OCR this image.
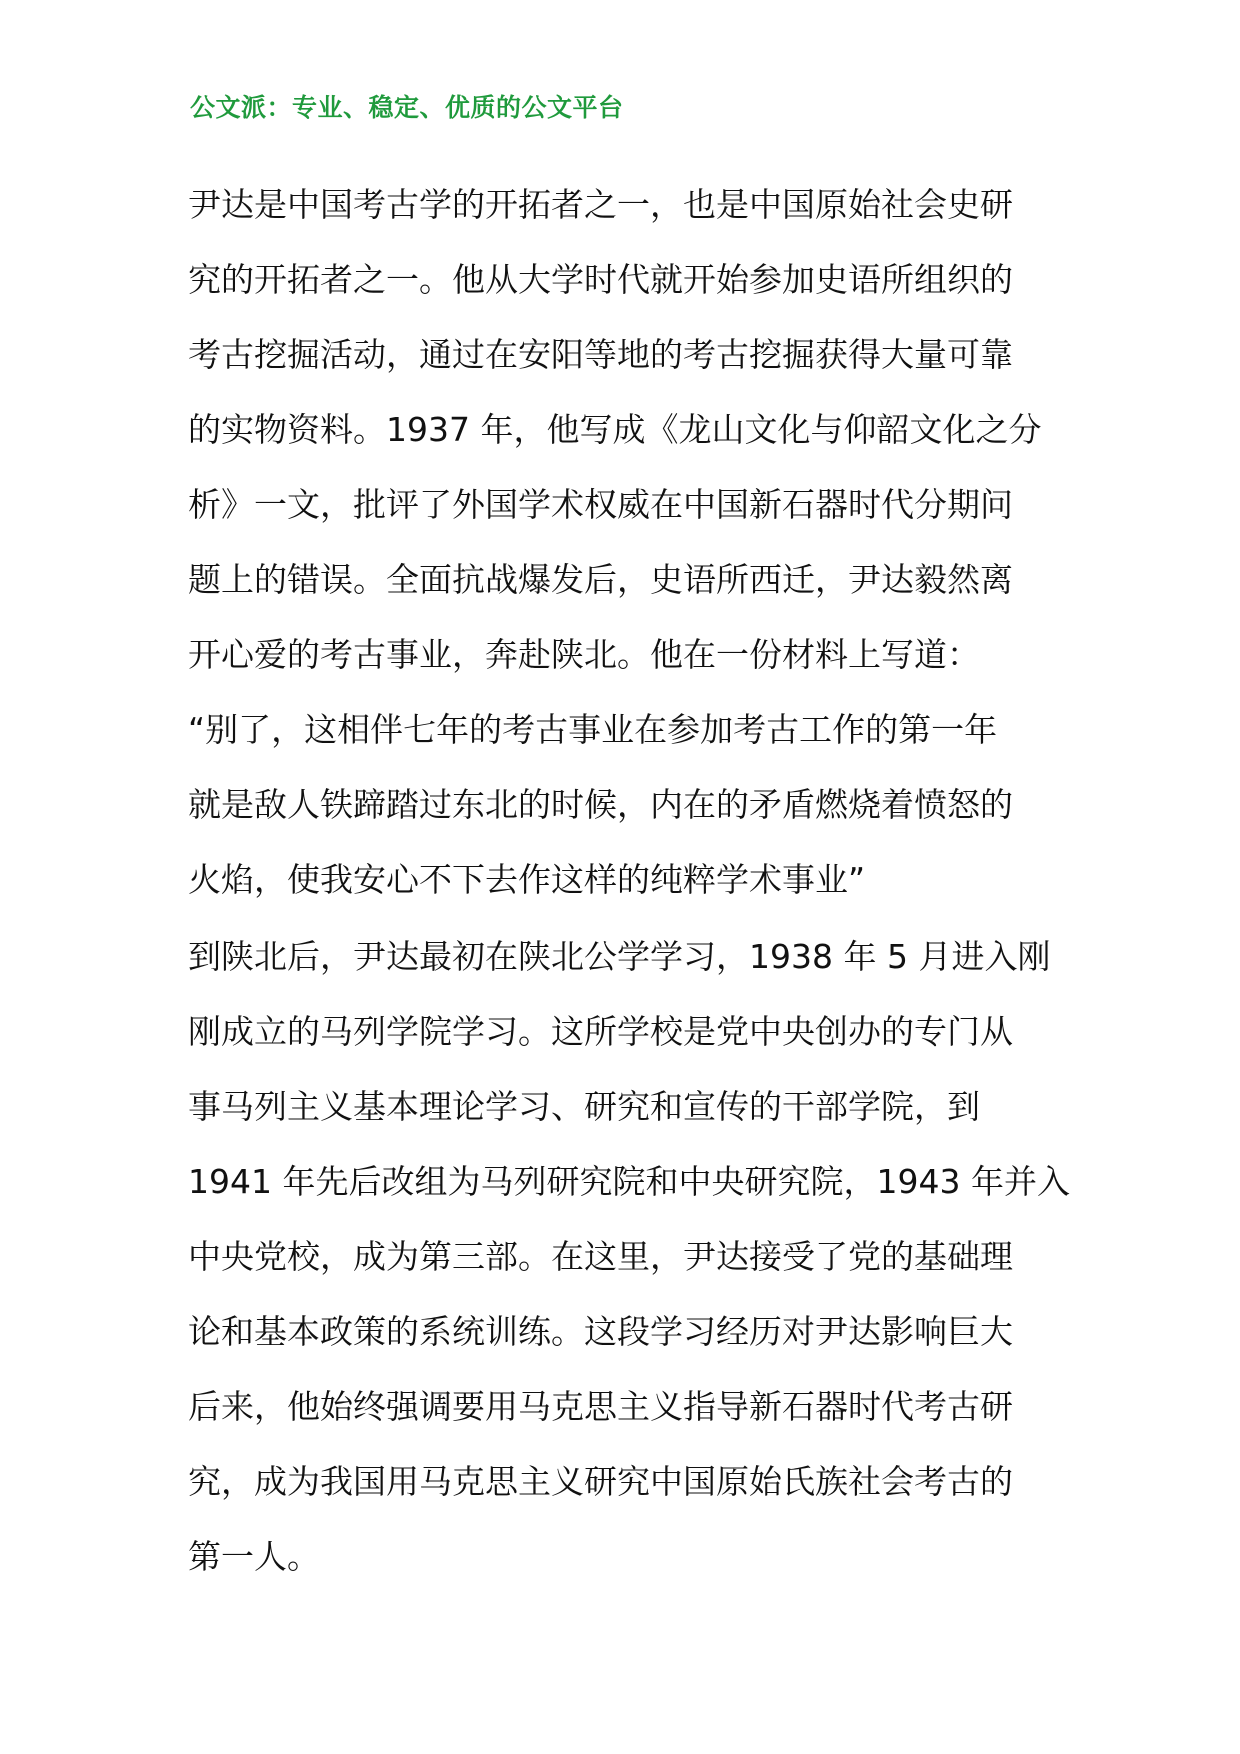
公文派：专业、稳定、优质的公文平台
尹达是中国考古学的开拓者之一，也是中国原始社会史研
究的开拓者之一。他从大学时代就开始参加史语所组织的
考古挖掘活动，通过在安阳等地的考古挖掘获得大量可靠
的实物资料。1937 年，他写成《龙山文化与仰韶文化之分
析》一文，批评了外国学术权威在中国新石器时代分期问
题上的错误。全面抗战爆发后，史语所西迁，尹达毅然离
开心爱的考古事业，奔赴陕北。他在一份材料上写道：
“别了，这相伴七年的考古事业在参加考古工作的第一年
就是敌人铁蹄踏过东北的时候，内在的矛盾燃烧着愤怒的
火焰，使我安心不下去作这样的纯粹学术事业”
到陕北后，尹达最初在陕北公学学习，1938 年 5 月进入刚
刚成立的马列学院学习。这所学校是党中央创办的专门从
事马列主义基本理论学习、研究和宣传的干部学院，到
1941 年先后改组为马列研究院和中央研究院，1943 年并入
中央党校，成为第三部。在这里，尹达接受了党的基础理
论和基本政策的系统训练。这段学习经历对尹达影响巨大
后来，他始终强调要用马克思主义指导新石器时代考古研
究，成为我国用马克思主义研究中国原始氏族社会考古的
第一人。
